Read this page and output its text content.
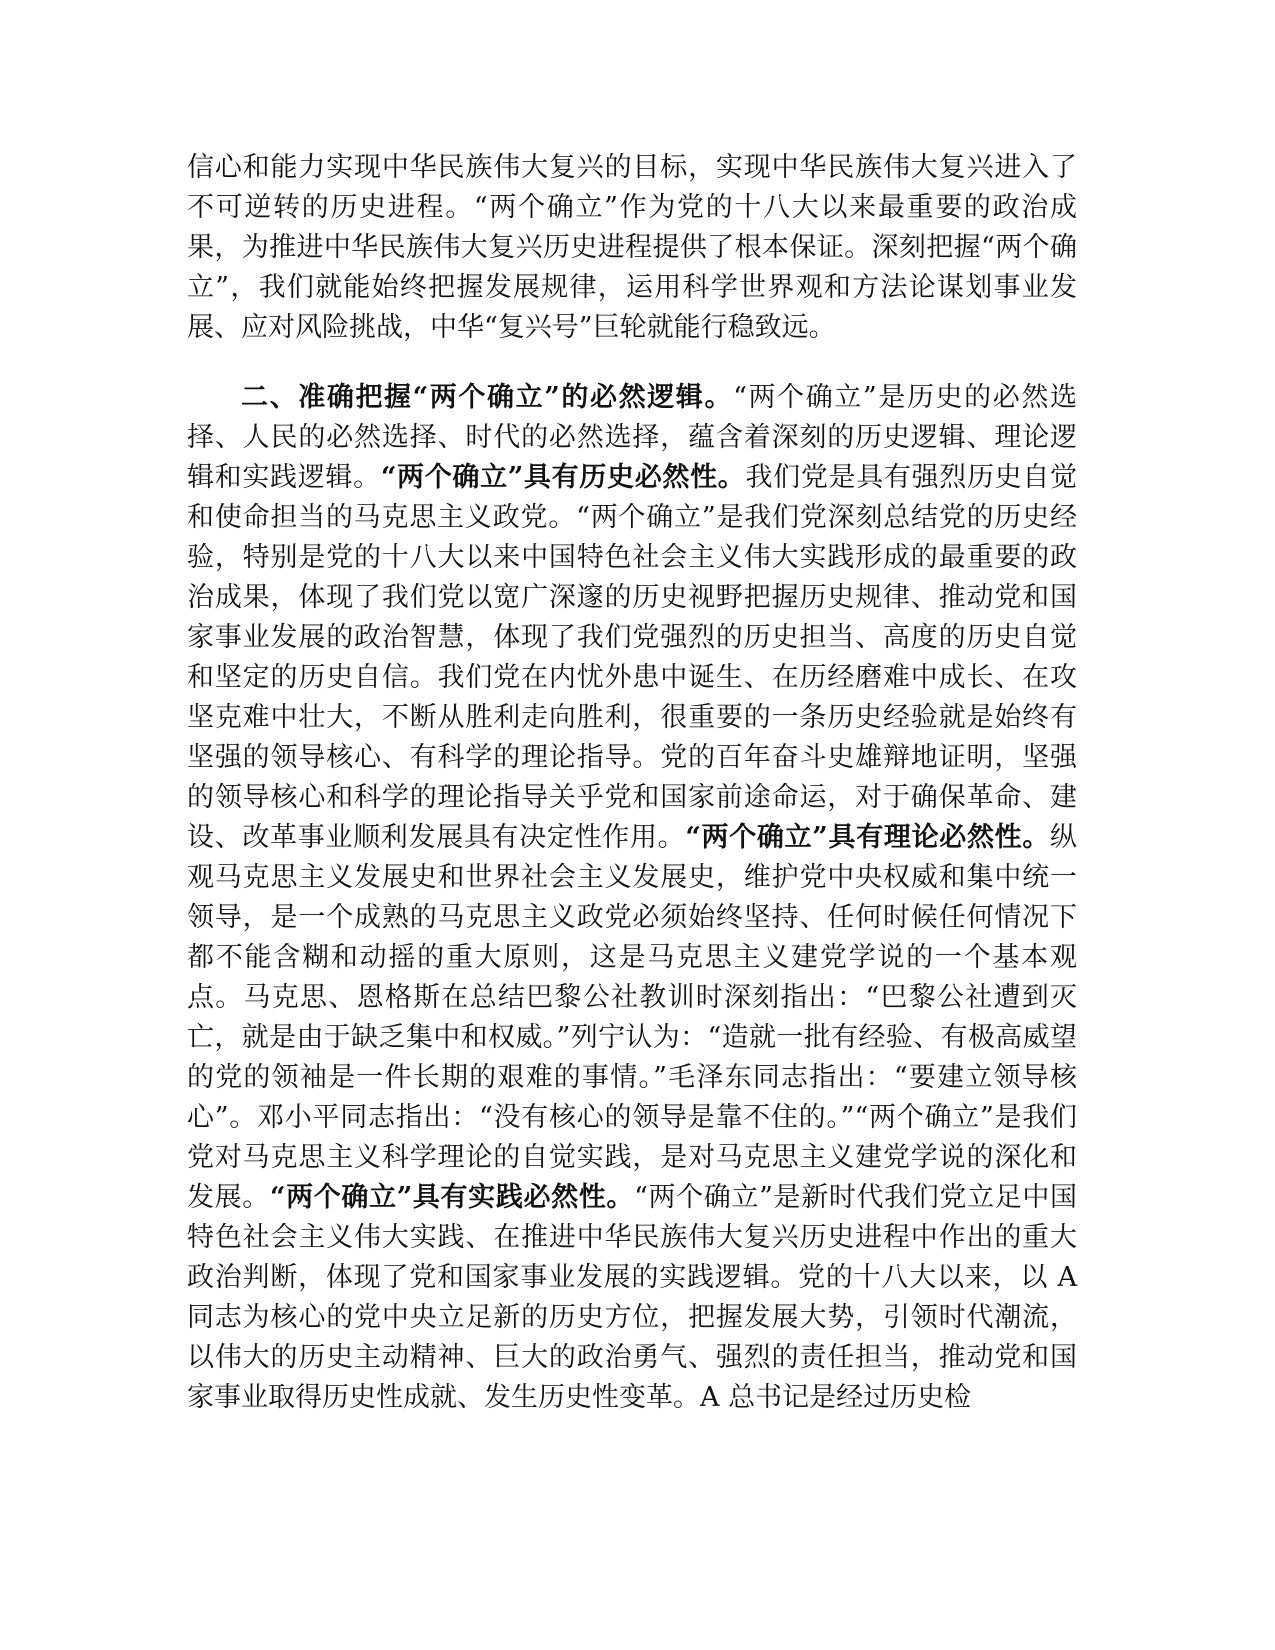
信心和能力实现中华民族伟大复兴的目标，实现中华民族伟大复兴进入了不可逆转的历史进程。“两个确立”作为党的十八大以来最重要的政治成果，为推进中华民族伟大复兴历史进程提供了根本保证。深刻把握“两个确立”，我们就能始终把握发展规律，运用科学世界观和方法论谋划事业发展、应对风险挑战，中华“复兴号”巨轮就能行稳致远。

二、准确把握“两个确立”的必然逻辑。“两个确立”是历史的必然选择、人民的必然选择、时代的必然选择，蕴含着深刻的历史逻辑、理论逻辑和实践逻辑。“两个确立”具有历史必然性。我们党是具有强烈历史自觉和使命担当的马克思主义政党。“两个确立”是我们党深刻总结党的历史经验，特别是党的十八大以来中国特色社会主义伟大实践形成的最重要的政治成果，体现了我们党以宽广深邃的历史视野把握历史规律、推动党和国家事业发展的政治智慧，体现了我们党强烈的历史担当、高度的历史自觉和坚定的历史自信。我们党在内忧外患中诞生、在历经磨难中成长、在攻坚克难中壮大，不断从胜利走向胜利，很重要的一条历史经验就是始终有坚强的领导核心、有科学的理论指导。党的百年奋斗史雄辩地证明，坚强的领导核心和科学的理论指导关乎党和国家前途命运，对于确保革命、建设、改革事业顺利发展具有决定性作用。“两个确立”具有理论必然性。纵观马克思主义发展史和世界社会主义发展史，维护党中央权威和集中统一领导，是一个成熟的马克思主义政党必须始终坚持、任何时候任何情况下都不能含糊和动摇的重大原则，这是马克思主义建党学说的一个基本观点。马克思、恩格斯在总结巴黎公社教训时深刻指出：“巴黎公社遭到灭亡，就是由于缺乏集中和权威。”列宁认为：“造就一批有经验、有极高威望的党的领袖是一件长期的艰难的事情。”毛泽东同志指出：“要建立领导核心”。邓小平同志指出：“没有核心的领导是靠不住的。”“两个确立”是我们党对马克思主义科学理论的自觉实践，是对马克思主义建党学说的深化和发展。“两个确立”具有实践必然性。“两个确立”是新时代我们党立足中国特色社会主义伟大实践、在推进中华民族伟大复兴历史进程中作出的重大政治判断，体现了党和国家事业发展的实践逻辑。党的十八大以来，以 A 同志为核心的党中央立足新的历史方位，把握发展大势，引领时代潮流，以伟大的历史主动精神、巨大的政治勇气、强烈的责任担当，推动党和国家事业取得历史性成就、发生历史性变革。A 总书记是经过历史检
